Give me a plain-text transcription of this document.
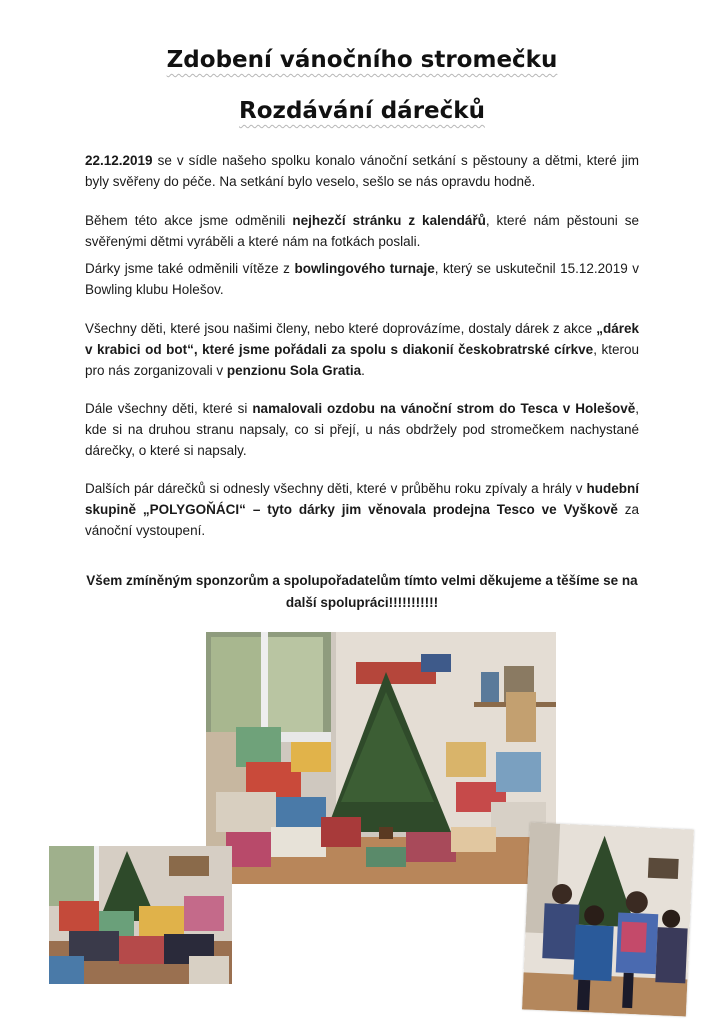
Zdobení vánočního stromečku
Rozdávání dárečků

22.12.2019 se v sídle našeho spolku konalo vánoční setkání s pěstouny a dětmi, které jim byly svěřeny do péče. Na setkání bylo veselo, sešlo se nás opravdu hodně.

Během této akce jsme odměnili nejhezčí stránku z kalendářů, které nám pěstouni se svěřenými dětmi vyráběli a které nám na fotkách poslali.

Dárky jsme také odměnili vítěze z bowlingového turnaje, který se uskutečnil 15.12.2019 v Bowling klubu Holešov.

Všechny děti, které jsou našimi členy, nebo které doprovázíme, dostaly dárek z akce „dárek v krabici od bot“, které jsme pořádali za spolu s diakonií českobratrské církve, kterou pro nás zorganizovali v penzionu Sola Gratia.

Dále všechny děti, které si namalovali ozdobu na vánoční strom do Tesca v Holešově, kde si na druhou stranu napsaly, co si přejí, u nás obdržely pod stromečkem nachystané dárečky, o které si napsaly.

Dalších pár dárečků si odnesly všechny děti, které v průběhu roku zpívaly a hrály v hudební skupině „POLYGOŇÁCI“ – tyto dárky jim věnovala prodejna Tesco ve Vyškově za vánoční vystoupení.

Všem zmíněným sponzorům a spolupořadatelům tímto velmi děkujeme a těšíme se na další spolupráci!!!!!!!!!!!
